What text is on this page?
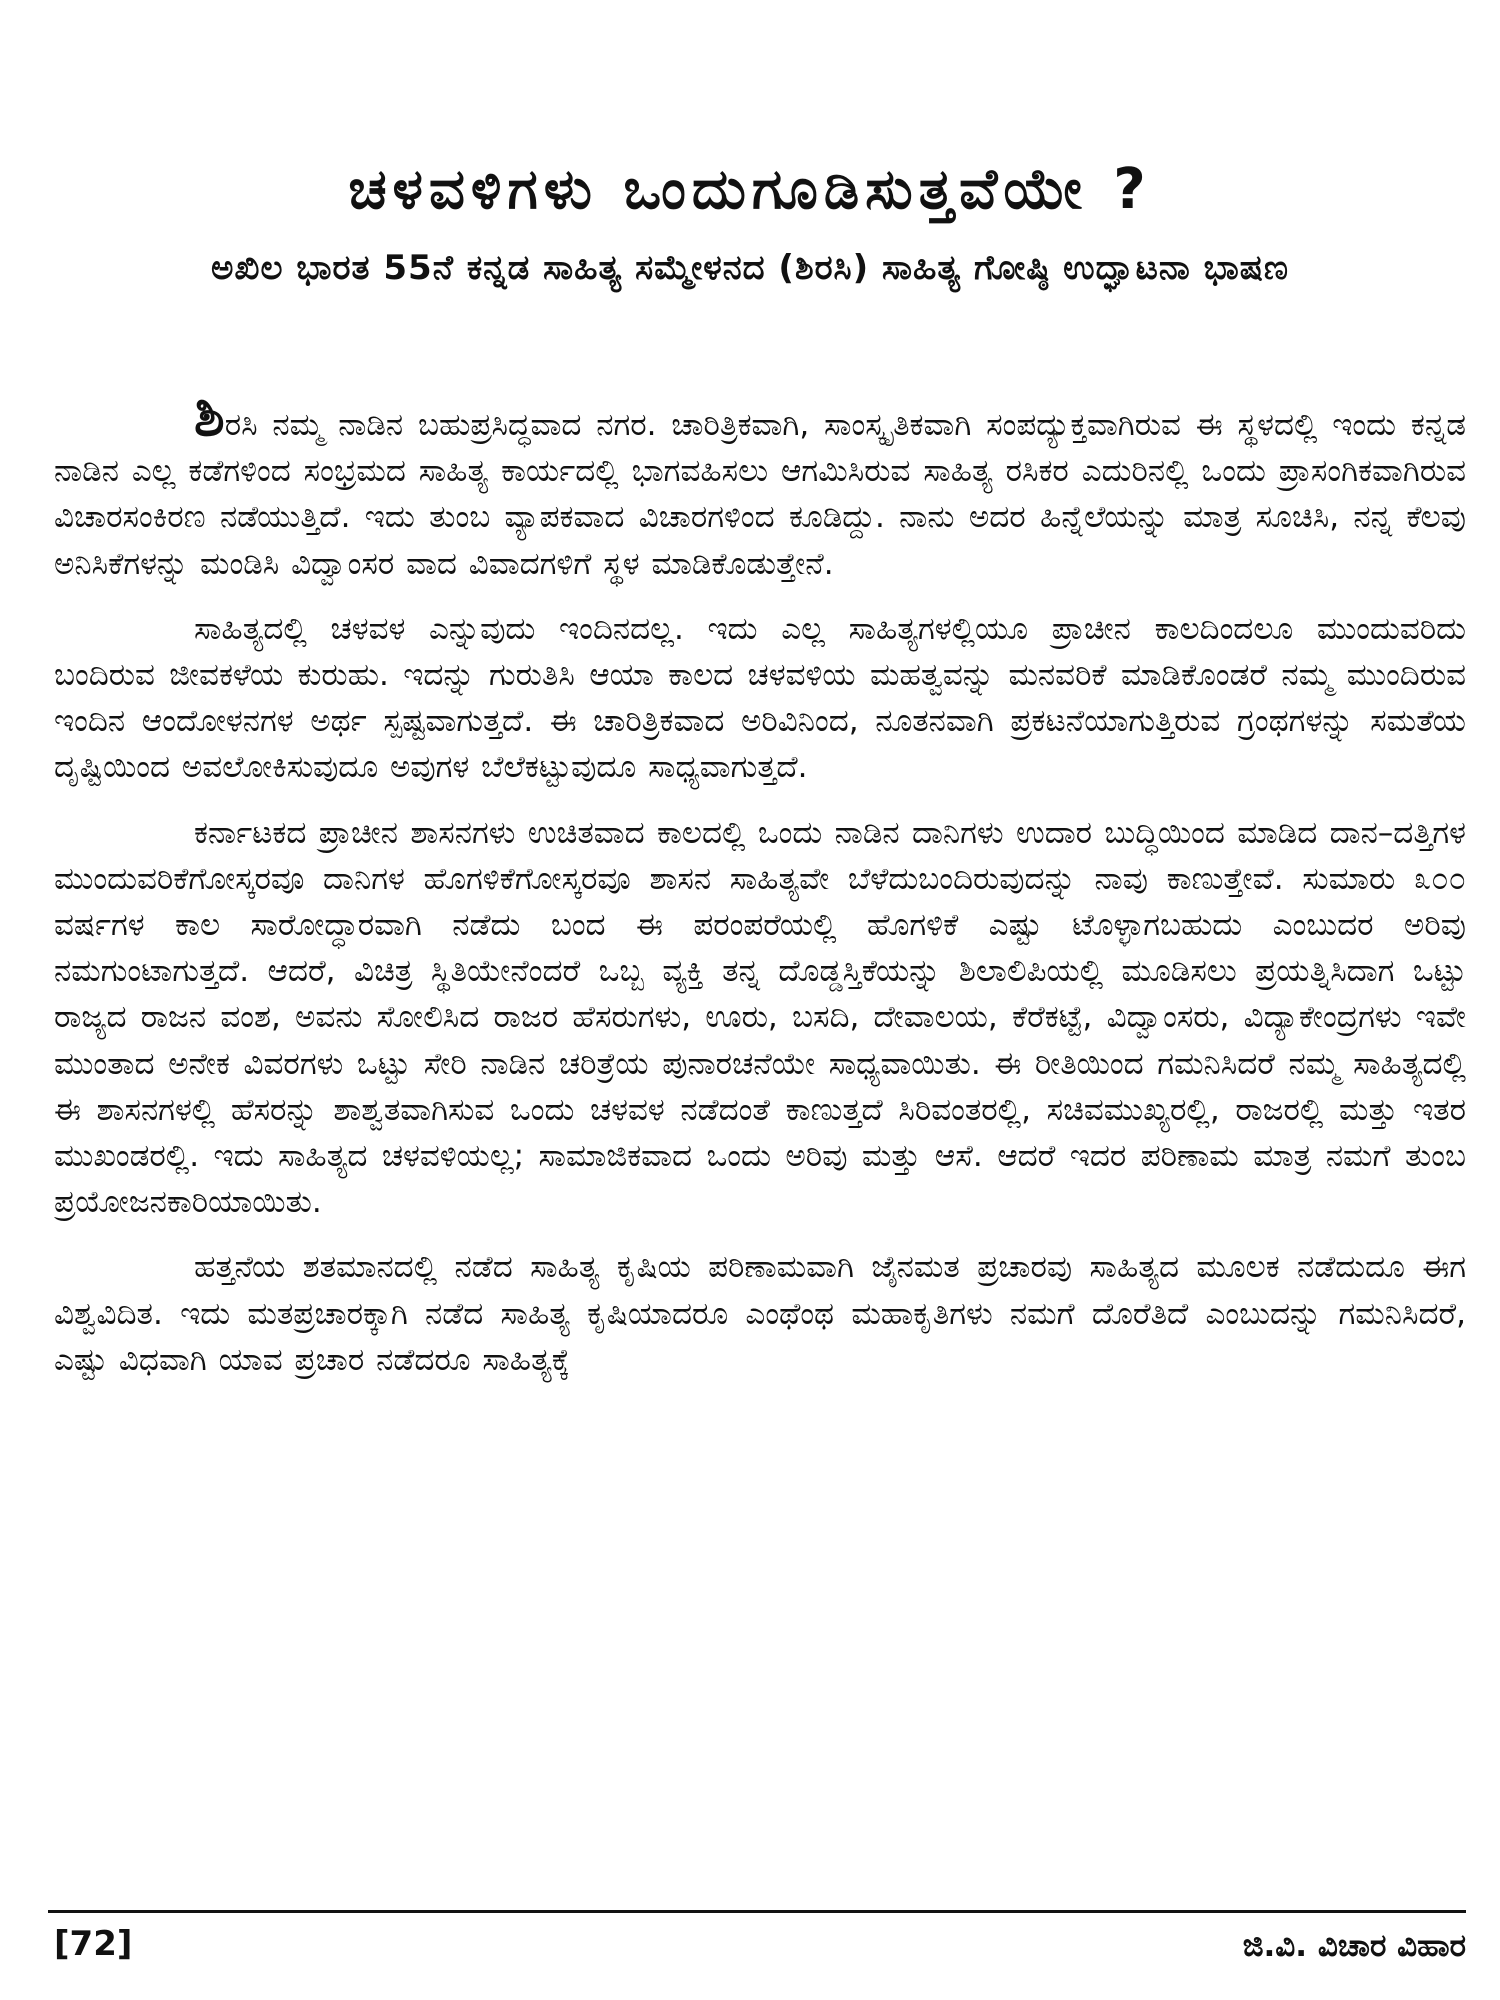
ಚಳವಳಿಗಳು ಒಂದುಗೂಡಿಸುತ್ತವೆಯೇ ?
ಅಖಿಲ ಭಾರತ 55ನೆ ಕನ್ನಡ ಸಾಹಿತ್ಯ ಸಮ್ಮೇಳನದ (ಶಿರಸಿ) ಸಾಹಿತ್ಯ ಗೋಷ್ಠಿ ಉದ್ಘಾಟನಾ ಭಾಷಣ

ಶಿರಸಿ ನಮ್ಮ ನಾಡಿನ ಬಹುಪ್ರಸಿದ್ಧವಾದ ನಗರ. ಚಾರಿತ್ರಿಕವಾಗಿ, ಸಾಂಸ್ಕೃತಿಕವಾಗಿ ಸಂಪದ್ಯುಕ್ತವಾಗಿರುವ ಈ ಸ್ಥಳದಲ್ಲಿ ಇಂದು ಕನ್ನಡ ನಾಡಿನ ಎಲ್ಲ ಕಡೆಗಳಿಂದ ಸಂಭ್ರಮದ ಸಾಹಿತ್ಯ ಕಾರ್ಯದಲ್ಲಿ ಭಾಗವಹಿಸಲು ಆಗಮಿಸಿರುವ ಸಾಹಿತ್ಯ ರಸಿಕರ ಎದುರಿನಲ್ಲಿ ಒಂದು ಪ್ರಾಸಂಗಿಕವಾಗಿರುವ ವಿಚಾರಸಂಕಿರಣ ನಡೆಯುತ್ತಿದೆ. ಇದು ತುಂಬ ವ್ಯಾಪಕವಾದ ವಿಚಾರಗಳಿಂದ ಕೂಡಿದ್ದು. ನಾನು ಅದರ ಹಿನ್ನೆಲೆಯನ್ನು ಮಾತ್ರ ಸೂಚಿಸಿ, ನನ್ನ ಕೆಲವು ಅನಿಸಿಕೆಗಳನ್ನು ಮಂಡಿಸಿ ವಿದ್ವಾಂಸರ ವಾದ ವಿವಾದಗಳಿಗೆ ಸ್ಥಳ ಮಾಡಿಕೊಡುತ್ತೇನೆ.

ಸಾಹಿತ್ಯದಲ್ಲಿ ಚಳವಳ ಎನ್ನುವುದು ಇಂದಿನದಲ್ಲ. ಇದು ಎಲ್ಲ ಸಾಹಿತ್ಯಗಳಲ್ಲಿಯೂ ಪ್ರಾಚೀನ ಕಾಲದಿಂದಲೂ ಮುಂದುವರಿದು ಬಂದಿರುವ ಜೀವಕಳೆಯ ಕುರುಹು. ಇದನ್ನು ಗುರುತಿಸಿ ಆಯಾ ಕಾಲದ ಚಳವಳಿಯ ಮಹತ್ವವನ್ನು ಮನವರಿಕೆ ಮಾಡಿಕೊಂಡರೆ ನಮ್ಮ ಮುಂದಿರುವ ಇಂದಿನ ಆಂದೋಳನಗಳ ಅರ್ಥ ಸ್ಪಷ್ಟವಾಗುತ್ತದೆ. ಈ ಚಾರಿತ್ರಿಕವಾದ ಅರಿವಿನಿಂದ, ನೂತನವಾಗಿ ಪ್ರಕಟನೆಯಾಗುತ್ತಿರುವ ಗ್ರಂಥಗಳನ್ನು ಸಮತೆಯ ದೃಷ್ಟಿಯಿಂದ ಅವಲೋಕಿಸುವುದೂ ಅವುಗಳ ಬೆಲೆಕಟ್ಟುವುದೂ ಸಾಧ್ಯವಾಗುತ್ತದೆ.

ಕರ್ನಾಟಕದ ಪ್ರಾಚೀನ ಶಾಸನಗಳು ಉಚಿತವಾದ ಕಾಲದಲ್ಲಿ ಒಂದು ನಾಡಿನ ದಾನಿಗಳು ಉದಾರ ಬುದ್ಧಿಯಿಂದ ಮಾಡಿದ ದಾನ–ದತ್ತಿಗಳ ಮುಂದುವರಿಕೆಗೋಸ್ಕರವೂ ದಾನಿಗಳ ಹೊಗಳಿಕೆಗೋಸ್ಕರವೂ ಶಾಸನ ಸಾಹಿತ್ಯವೇ ಬೆಳೆದುಬಂದಿರುವುದನ್ನು ನಾವು ಕಾಣುತ್ತೇವೆ. ಸುಮಾರು ೩೦೦ ವರ್ಷಗಳ ಕಾಲ ಸಾರೋದ್ಧಾರವಾಗಿ ನಡೆದು ಬಂದ ಈ ಪರಂಪರೆಯಲ್ಲಿ ಹೊಗಳಿಕೆ ಎಷ್ಟು ಟೊಳ್ಳಾಗಬಹುದು ಎಂಬುದರ ಅರಿವು ನಮಗುಂಟಾಗುತ್ತದೆ. ಆದರೆ, ವಿಚಿತ್ರ ಸ್ಥಿತಿಯೇನೆಂದರೆ ಒಬ್ಬ ವ್ಯಕ್ತಿ ತನ್ನ ದೊಡ್ಡಸ್ತಿಕೆಯನ್ನು ಶಿಲಾಲಿಪಿಯಲ್ಲಿ ಮೂಡಿಸಲು ಪ್ರಯತ್ನಿಸಿದಾಗ ಒಟ್ಟು ರಾಜ್ಯದ ರಾಜನ ವಂಶ, ಅವನು ಸೋಲಿಸಿದ ರಾಜರ ಹೆಸರುಗಳು, ಊರು, ಬಸದಿ, ದೇವಾಲಯ, ಕೆರೆಕಟ್ಟೆ, ವಿದ್ವಾಂಸರು, ವಿದ್ಯಾಕೇಂದ್ರಗಳು ಇವೇ ಮುಂತಾದ ಅನೇಕ ವಿವರಗಳು ಒಟ್ಟು ಸೇರಿ ನಾಡಿನ ಚರಿತ್ರೆಯ ಪುನಾರಚನೆಯೇ ಸಾಧ್ಯವಾಯಿತು. ಈ ರೀತಿಯಿಂದ ಗಮನಿಸಿದರೆ ನಮ್ಮ ಸಾಹಿತ್ಯದಲ್ಲಿ ಈ ಶಾಸನಗಳಲ್ಲಿ ಹೆಸರನ್ನು ಶಾಶ್ವತವಾಗಿಸುವ ಒಂದು ಚಳವಳ ನಡೆದಂತೆ ಕಾಣುತ್ತದೆ ಸಿರಿವಂತರಲ್ಲಿ, ಸಚಿವಮುಖ್ಯರಲ್ಲಿ, ರಾಜರಲ್ಲಿ ಮತ್ತು ಇತರ ಮುಖಂಡರಲ್ಲಿ. ಇದು ಸಾಹಿತ್ಯದ ಚಳವಳಿಯಲ್ಲ; ಸಾಮಾಜಿಕವಾದ ಒಂದು ಅರಿವು ಮತ್ತು ಆಸೆ. ಆದರೆ ಇದರ ಪರಿಣಾಮ ಮಾತ್ರ ನಮಗೆ ತುಂಬ ಪ್ರಯೋಜನಕಾರಿಯಾಯಿತು.

ಹತ್ತನೆಯ ಶತಮಾನದಲ್ಲಿ ನಡೆದ ಸಾಹಿತ್ಯ ಕೃಷಿಯ ಪರಿಣಾಮವಾಗಿ ಜೈನಮತ ಪ್ರಚಾರವು ಸಾಹಿತ್ಯದ ಮೂಲಕ ನಡೆದುದೂ ಈಗ ವಿಶ್ವವಿದಿತ. ಇದು ಮತಪ್ರಚಾರಕ್ಕಾಗಿ ನಡೆದ ಸಾಹಿತ್ಯ ಕೃಷಿಯಾದರೂ ಎಂಥೆಂಥ ಮಹಾಕೃತಿಗಳು ನಮಗೆ ದೊರೆತಿದೆ ಎಂಬುದನ್ನು ಗಮನಿಸಿದರೆ, ಎಷ್ಟು ವಿಧವಾಗಿ ಯಾವ ಪ್ರಚಾರ ನಡೆದರೂ ಸಾಹಿತ್ಯಕ್ಕೆ

[72]	ಜಿ.ವಿ. ವಿಚಾರ ವಿಹಾರ
